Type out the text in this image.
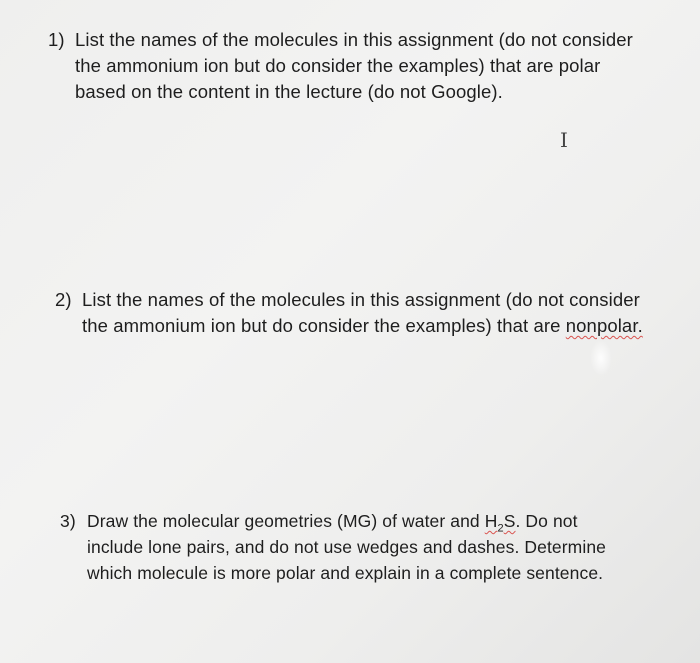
1) List the names of the molecules in this assignment (do not consider
the ammonium ion but do consider the examples) that are polar
based on the content in the lecture (do not Google).
I
2) List the names of the molecules in this assignment (do not consider
the ammonium ion but do consider the examples) that are nonpolar.
3) Draw the molecular geometries (MG) of water and $H_2S$. Do not
include lone pairs, and do not use wedges and dashes. Determine
which molecule is more polar and explain in a complete sentence.
